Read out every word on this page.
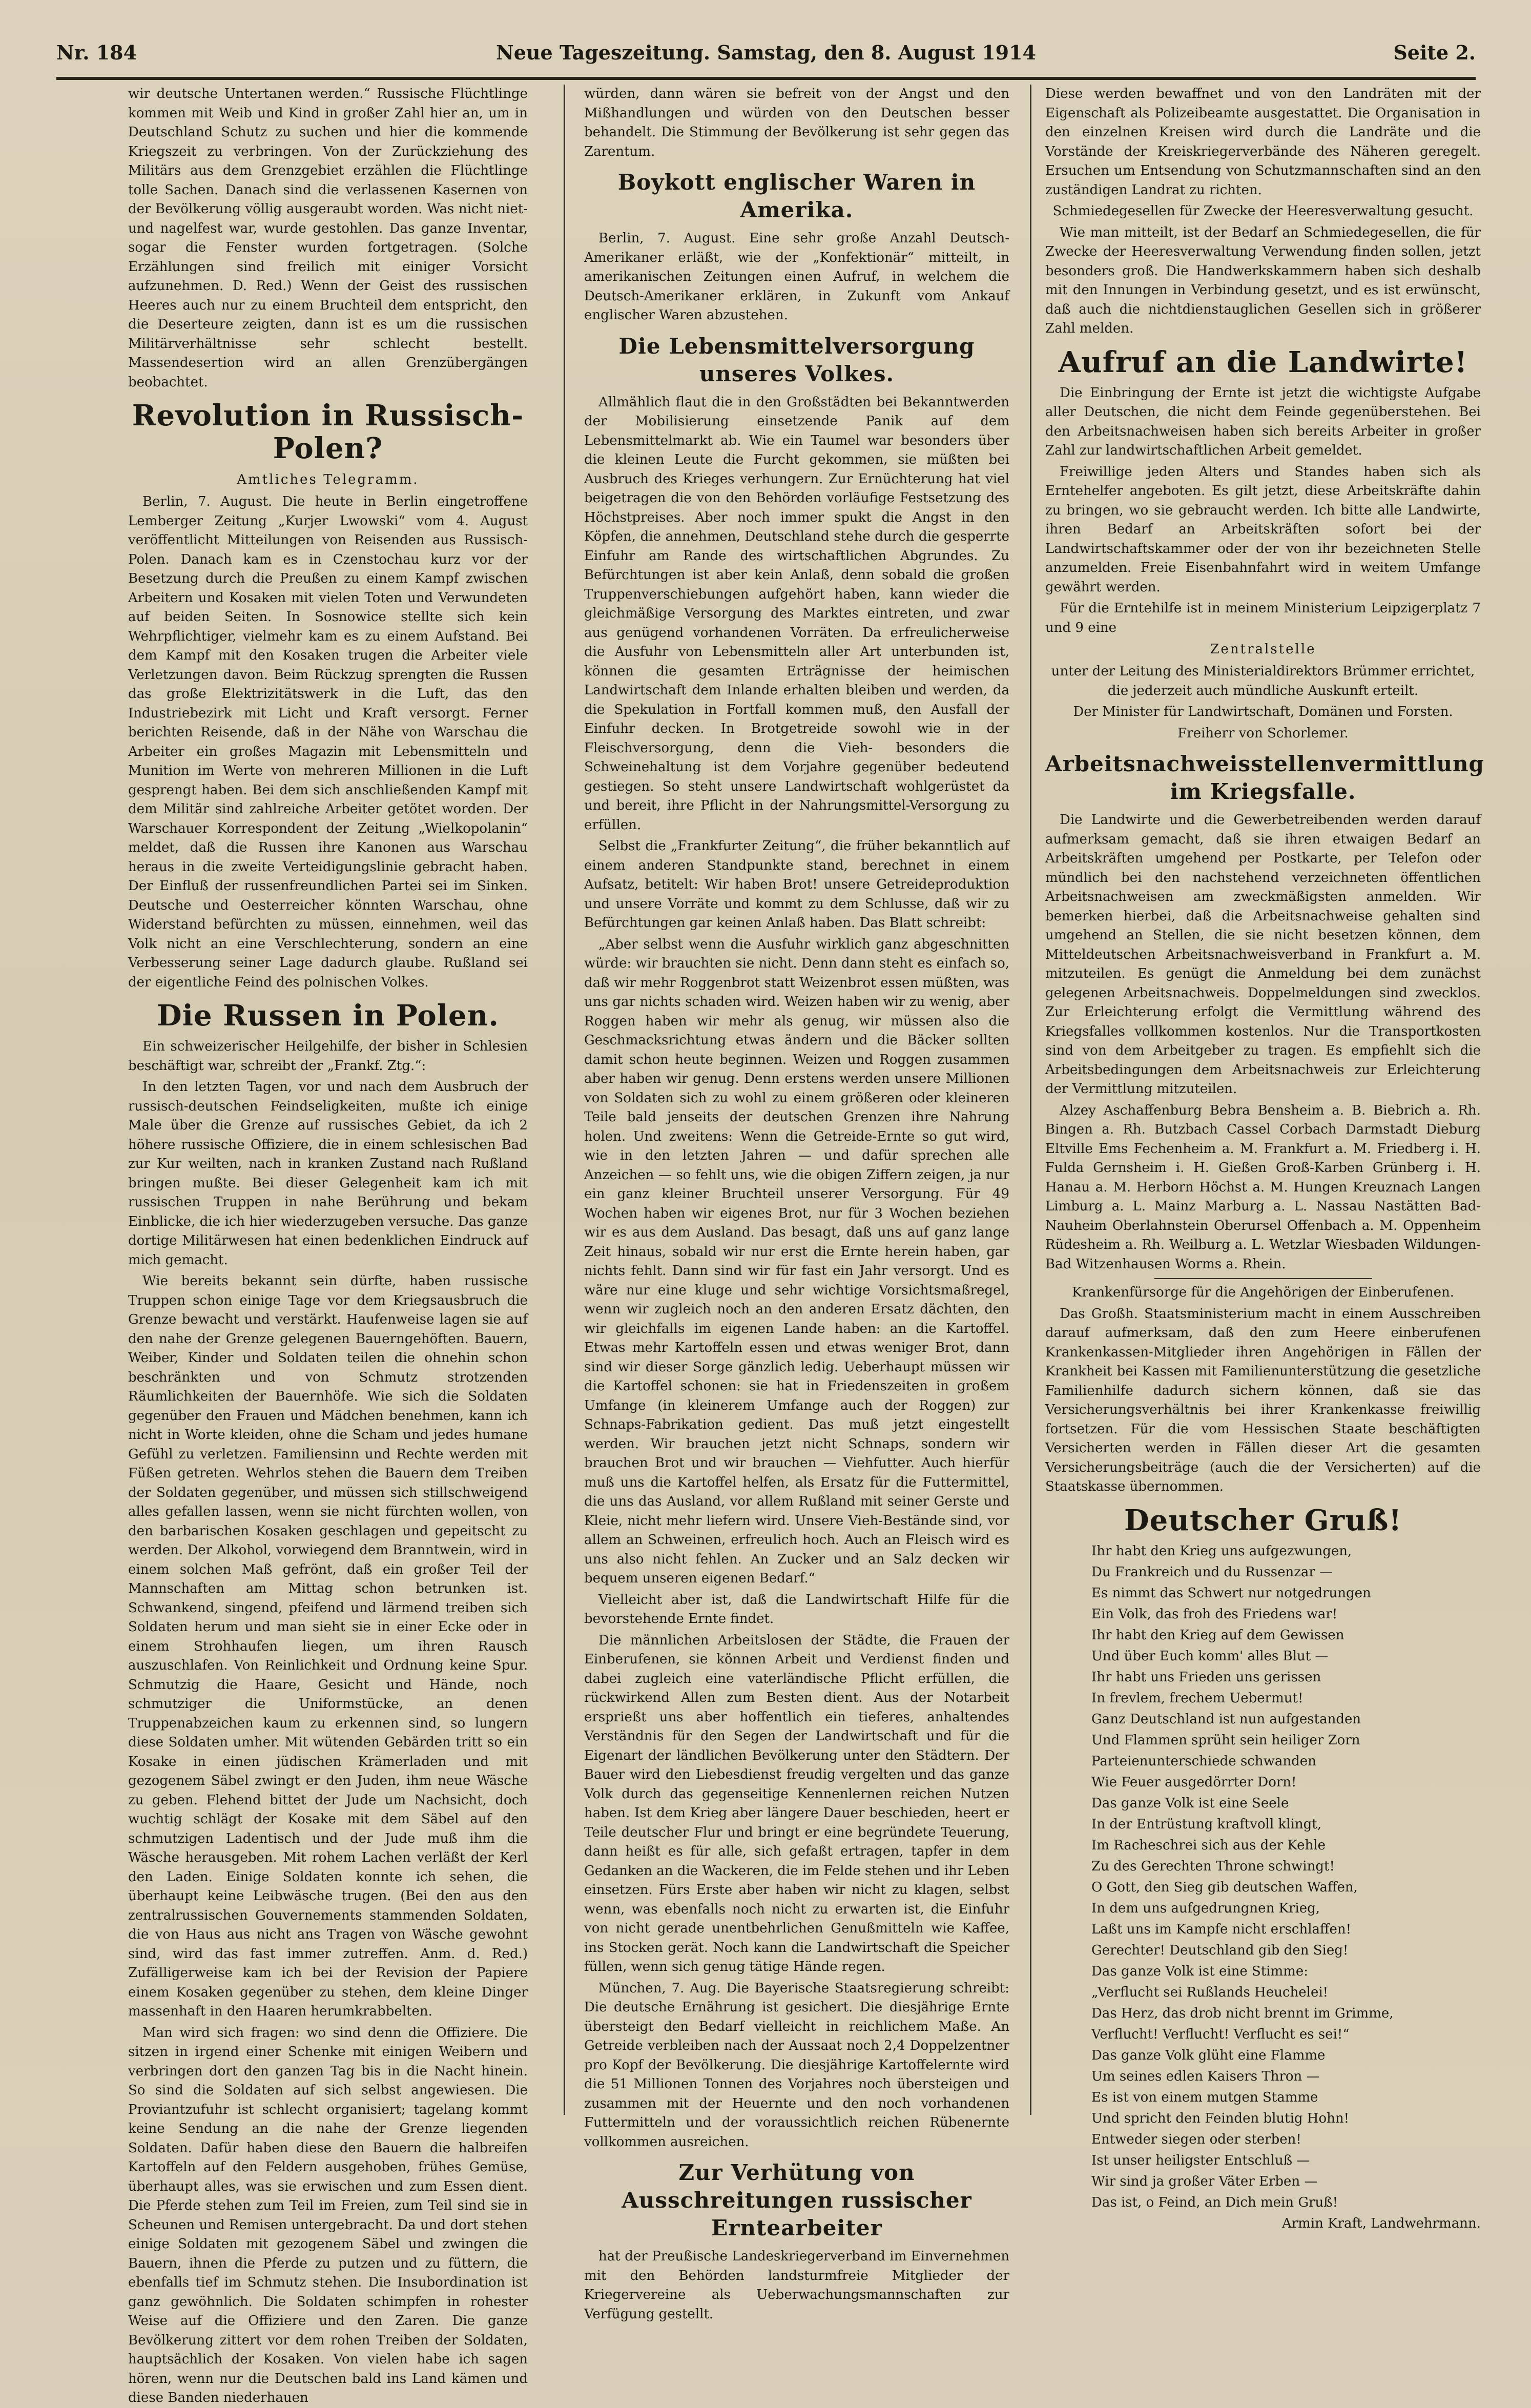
Nr. 184	Neue Tageszeitung. Samstag, den 8. August 1914	Seite 2.

wir deutsche Untertanen werden.“ Russische Flüchtlinge kommen mit Weib und Kind in großer Zahl hier an, um in Deutschland Schutz zu suchen und hier die kommende Kriegszeit zu verbringen. Von der Zurückziehung des Militärs aus dem Grenzgebiet erzählen die Flüchtlinge tolle Sachen. Danach sind die verlassenen Kasernen von der Bevölkerung völlig ausgeraubt worden. Was nicht niet- und nagelfest war, wurde gestohlen. Das ganze Inventar, sogar die Fenster wurden fortgetragen. (Solche Erzählungen sind freilich mit einiger Vorsicht aufzunehmen. D. Red.) Wenn der Geist des russischen Heeres auch nur zu einem Bruchteil dem entspricht, den die Deserteure zeigten, dann ist es um die russischen Militärverhältnisse sehr schlecht bestellt. Massendesertion wird an allen Grenzübergängen beobachtet.

Revolution in Russisch-Polen?
Amtliches Telegramm.

Berlin, 7. August. Die heute in Berlin eingetroffene Lemberger Zeitung „Kurjer Lwowski“ vom 4. August veröffentlicht Mitteilungen von Reisenden aus Russisch-Polen. Danach kam es in Czenstochau kurz vor der Besetzung durch die Preußen zu einem Kampf zwischen Arbeitern und Kosaken mit vielen Toten und Verwundeten auf beiden Seiten. In Sosnowice stellte sich kein Wehrpflichtiger, vielmehr kam es zu einem Aufstand. Bei dem Kampf mit den Kosaken trugen die Arbeiter viele Verletzungen davon. Beim Rückzug sprengten die Russen das große Elektrizitätswerk in die Luft, das den Industriebezirk mit Licht und Kraft versorgt. Ferner berichten Reisende, daß in der Nähe von Warschau die Arbeiter ein großes Magazin mit Lebensmitteln und Munition im Werte von mehreren Millionen in die Luft gesprengt haben. Bei dem sich anschließenden Kampf mit dem Militär sind zahlreiche Arbeiter getötet worden. Der Warschauer Korrespondent der Zeitung „Wielkopolanin“ meldet, daß die Russen ihre Kanonen aus Warschau heraus in die zweite Verteidigungslinie gebracht haben. Der Einfluß der russenfreundlichen Partei sei im Sinken. Deutsche und Oesterreicher könnten Warschau, ohne Widerstand befürchten zu müssen, einnehmen, weil das Volk nicht an eine Verschlechterung, sondern an eine Verbesserung seiner Lage dadurch glaube. Rußland sei der eigentliche Feind des polnischen Volkes.

Die Russen in Polen.

Ein schweizerischer Heilgehilfe, der bisher in Schlesien beschäftigt war, schreibt der „Frankf. Ztg.“:

In den letzten Tagen, vor und nach dem Ausbruch der russisch-deutschen Feindseligkeiten, mußte ich einige Male über die Grenze auf russisches Gebiet, da ich 2 höhere russische Offiziere, die in einem schlesischen Bad zur Kur weilten, nach in kranken Zustand nach Rußland bringen mußte. Bei dieser Gelegenheit kam ich mit russischen Truppen in nahe Berührung und bekam Einblicke, die ich hier wiederzugeben versuche. Das ganze dortige Militärwesen hat einen bedenklichen Eindruck auf mich gemacht.

Wie bereits bekannt sein dürfte, haben russische Truppen schon einige Tage vor dem Kriegsausbruch die Grenze bewacht und verstärkt. Haufenweise lagen sie auf den nahe der Grenze gelegenen Bauerngehöften. Bauern, Weiber, Kinder und Soldaten teilen die ohnehin schon beschränkten und von Schmutz strotzenden Räumlichkeiten der Bauernhöfe. Wie sich die Soldaten gegenüber den Frauen und Mädchen benehmen, kann ich nicht in Worte kleiden, ohne die Scham und jedes humane Gefühl zu verletzen. Familiensinn und Rechte werden mit Füßen getreten. Wehrlos stehen die Bauern dem Treiben der Soldaten gegenüber, und müssen sich stillschweigend alles gefallen lassen, wenn sie nicht fürchten wollen, von den barbarischen Kosaken geschlagen und gepeitscht zu werden. Der Alkohol, vorwiegend dem Branntwein, wird in einem solchen Maß gefrönt, daß ein großer Teil der Mannschaften am Mittag schon betrunken ist. Schwankend, singend, pfeifend und lärmend treiben sich Soldaten herum und man sieht sie in einer Ecke oder in einem Strohhaufen liegen, um ihren Rausch auszuschlafen. Von Reinlichkeit und Ordnung keine Spur. Schmutzig die Haare, Gesicht und Hände, noch schmutziger die Uniformstücke, an denen Truppenabzeichen kaum zu erkennen sind, so lungern diese Soldaten umher. Mit wütenden Gebärden tritt so ein Kosake in einen jüdischen Krämerladen und mit gezogenem Säbel zwingt er den Juden, ihm neue Wäsche zu geben. Flehend bittet der Jude um Nachsicht, doch wuchtig schlägt der Kosake mit dem Säbel auf den schmutzigen Ladentisch und der Jude muß ihm die Wäsche herausgeben. Mit rohem Lachen verläßt der Kerl den Laden. Einige Soldaten konnte ich sehen, die überhaupt keine Leibwäsche trugen. (Bei den aus den zentralrussischen Gouvernements stammenden Soldaten, die von Haus aus nicht ans Tragen von Wäsche gewohnt sind, wird das fast immer zutreffen. Anm. d. Red.) Zufälligerweise kam ich bei der Revision der Papiere einem Kosaken gegenüber zu stehen, dem kleine Dinger massenhaft in den Haaren herumkrabbelten.

Man wird sich fragen: wo sind denn die Offiziere. Die sitzen in irgend einer Schenke mit einigen Weibern und verbringen dort den ganzen Tag bis in die Nacht hinein. So sind die Soldaten auf sich selbst angewiesen. Die Proviantzufuhr ist schlecht organisiert; tagelang kommt keine Sendung an die nahe der Grenze liegenden Soldaten. Dafür haben diese den Bauern die halbreifen Kartoffeln auf den Feldern ausgehoben, frühes Gemüse, überhaupt alles, was sie erwischen und zum Essen dient. Die Pferde stehen zum Teil im Freien, zum Teil sind sie in Scheunen und Remisen untergebracht. Da und dort stehen einige Soldaten mit gezogenem Säbel und zwingen die Bauern, ihnen die Pferde zu putzen und zu füttern, die ebenfalls tief im Schmutz stehen. Die Insubordination ist ganz gewöhnlich. Die Soldaten schimpfen in rohester Weise auf die Offiziere und den Zaren. Die ganze Bevölkerung zittert vor dem rohen Treiben der Soldaten, hauptsächlich der Kosaken. Von vielen habe ich sagen hören, wenn nur die Deutschen bald ins Land kämen und diese Banden niederhauen

würden, dann wären sie befreit von der Angst und den Mißhandlungen und würden von den Deutschen besser behandelt. Die Stimmung der Bevölkerung ist sehr gegen das Zarentum.

Boykott englischer Waren in Amerika.

Berlin, 7. August. Eine sehr große Anzahl Deutsch-Amerikaner erläßt, wie der „Konfektionär“ mitteilt, in amerikanischen Zeitungen einen Aufruf, in welchem die Deutsch-Amerikaner erklären, in Zukunft vom Ankauf englischer Waren abzustehen.

Die Lebensmittelversorgung unseres Volkes.

Allmählich flaut die in den Großstädten bei Bekanntwerden der Mobilisierung einsetzende Panik auf dem Lebensmittelmarkt ab. Wie ein Taumel war besonders über die kleinen Leute die Furcht gekommen, sie müßten bei Ausbruch des Krieges verhungern. Zur Ernüchterung hat viel beigetragen die von den Behörden vorläufige Festsetzung des Höchstpreises. Aber noch immer spukt die Angst in den Köpfen, die annehmen, Deutschland stehe durch die gesperrte Einfuhr am Rande des wirtschaftlichen Abgrundes. Zu Befürchtungen ist aber kein Anlaß, denn sobald die großen Truppenverschiebungen aufgehört haben, kann wieder die gleichmäßige Versorgung des Marktes eintreten, und zwar aus genügend vorhandenen Vorräten. Da erfreulicherweise die Ausfuhr von Lebensmitteln aller Art unterbunden ist, können die gesamten Erträgnisse der heimischen Landwirtschaft dem Inlande erhalten bleiben und werden, da die Spekulation in Fortfall kommen muß, den Ausfall der Einfuhr decken. In Brotgetreide sowohl wie in der Fleischversorgung, denn die Vieh- besonders die Schweinehaltung ist dem Vorjahre gegenüber bedeutend gestiegen. So steht unsere Landwirtschaft wohlgerüstet da und bereit, ihre Pflicht in der Nahrungsmittel-Versorgung zu erfüllen.

Selbst die „Frankfurter Zeitung“, die früher bekanntlich auf einem anderen Standpunkte stand, berechnet in einem Aufsatz, betitelt: Wir haben Brot! unsere Getreideproduktion und unsere Vorräte und kommt zu dem Schlusse, daß wir zu Befürchtungen gar keinen Anlaß haben. Das Blatt schreibt:

„Aber selbst wenn die Ausfuhr wirklich ganz abgeschnitten würde: wir brauchten sie nicht. Denn dann steht es einfach so, daß wir mehr Roggenbrot statt Weizenbrot essen müßten, was uns gar nichts schaden wird. Weizen haben wir zu wenig, aber Roggen haben wir mehr als genug, wir müssen also die Geschmacksrichtung etwas ändern und die Bäcker sollten damit schon heute beginnen. Weizen und Roggen zusammen aber haben wir genug. Denn erstens werden unsere Millionen von Soldaten sich zu wohl zu einem größeren oder kleineren Teile bald jenseits der deutschen Grenzen ihre Nahrung holen. Und zweitens: Wenn die Getreide-Ernte so gut wird, wie in den letzten Jahren — und dafür sprechen alle Anzeichen — so fehlt uns, wie die obigen Ziffern zeigen, ja nur ein ganz kleiner Bruchteil unserer Versorgung. Für 49 Wochen haben wir eigenes Brot, nur für 3 Wochen beziehen wir es aus dem Ausland. Das besagt, daß uns auf ganz lange Zeit hinaus, sobald wir nur erst die Ernte herein haben, gar nichts fehlt. Dann sind wir für fast ein Jahr versorgt. Und es wäre nur eine kluge und sehr wichtige Vorsichtsmaßregel, wenn wir zugleich noch an den anderen Ersatz dächten, den wir gleichfalls im eigenen Lande haben: an die Kartoffel. Etwas mehr Kartoffeln essen und etwas weniger Brot, dann sind wir dieser Sorge gänzlich ledig. Ueberhaupt müssen wir die Kartoffel schonen: sie hat in Friedenszeiten in großem Umfange (in kleinerem Umfange auch der Roggen) zur Schnaps-Fabrikation gedient. Das muß jetzt eingestellt werden. Wir brauchen jetzt nicht Schnaps, sondern wir brauchen Brot und wir brauchen — Viehfutter. Auch hierfür muß uns die Kartoffel helfen, als Ersatz für die Futtermittel, die uns das Ausland, vor allem Rußland mit seiner Gerste und Kleie, nicht mehr liefern wird. Unsere Vieh-Bestände sind, vor allem an Schweinen, erfreulich hoch. Auch an Fleisch wird es uns also nicht fehlen. An Zucker und an Salz decken wir bequem unseren eigenen Bedarf.“

Vielleicht aber ist, daß die Landwirtschaft Hilfe für die bevorstehende Ernte findet.

Die männlichen Arbeitslosen der Städte, die Frauen der Einberufenen, sie können Arbeit und Verdienst finden und dabei zugleich eine vaterländische Pflicht erfüllen, die rückwirkend Allen zum Besten dient. Aus der Notarbeit ersprießt uns aber hoffentlich ein tieferes, anhaltendes Verständnis für den Segen der Landwirtschaft und für die Eigenart der ländlichen Bevölkerung unter den Städtern. Der Bauer wird den Liebesdienst freudig vergelten und das ganze Volk durch das gegenseitige Kennenlernen reichen Nutzen haben. Ist dem Krieg aber längere Dauer beschieden, heert er Teile deutscher Flur und bringt er eine begründete Teuerung, dann heißt es für alle, sich gefaßt ertragen, tapfer in dem Gedanken an die Wackeren, die im Felde stehen und ihr Leben einsetzen. Fürs Erste aber haben wir nicht zu klagen, selbst wenn, was ebenfalls noch nicht zu erwarten ist, die Einfuhr von nicht gerade unentbehrlichen Genußmitteln wie Kaffee, ins Stocken gerät. Noch kann die Landwirtschaft die Speicher füllen, wenn sich genug tätige Hände regen.

München, 7. Aug. Die Bayerische Staatsregierung schreibt: Die deutsche Ernährung ist gesichert. Die diesjährige Ernte übersteigt den Bedarf vielleicht in reichlichem Maße. An Getreide verbleiben nach der Aussaat noch 2,4 Doppelzentner pro Kopf der Bevölkerung. Die diesjährige Kartoffelernte wird die 51 Millionen Tonnen des Vorjahres noch übersteigen und zusammen mit der Heuernte und den noch vorhandenen Futtermitteln und der voraussichtlich reichen Rübenernte vollkommen ausreichen.

Zur Verhütung von Ausschreitungen russischer Erntearbeiter

hat der Preußische Landeskriegerverband im Einvernehmen mit den Behörden landsturmfreie Mitglieder der Kriegervereine als Ueberwachungsmannschaften zur Verfügung gestellt.

Diese werden bewaffnet und von den Landräten mit der Eigenschaft als Polizeibeamte ausgestattet. Die Organisation in den einzelnen Kreisen wird durch die Landräte und die Vorstände der Kreiskriegerverbände des Näheren geregelt. Ersuchen um Entsendung von Schutzmannschaften sind an den zuständigen Landrat zu richten.

Schmiedegesellen für Zwecke der Heeresverwaltung gesucht.

Wie man mitteilt, ist der Bedarf an Schmiedegesellen, die für Zwecke der Heeresverwaltung Verwendung finden sollen, jetzt besonders groß. Die Handwerkskammern haben sich deshalb mit den Innungen in Verbindung gesetzt, und es ist erwünscht, daß auch die nichtdienstauglichen Gesellen sich in größerer Zahl melden.

Aufruf an die Landwirte!

Die Einbringung der Ernte ist jetzt die wichtigste Aufgabe aller Deutschen, die nicht dem Feinde gegenüberstehen. Bei den Arbeitsnachweisen haben sich bereits Arbeiter in großer Zahl zur landwirtschaftlichen Arbeit gemeldet.

Freiwillige jeden Alters und Standes haben sich als Erntehelfer angeboten. Es gilt jetzt, diese Arbeitskräfte dahin zu bringen, wo sie gebraucht werden. Ich bitte alle Landwirte, ihren Bedarf an Arbeitskräften sofort bei der Landwirtschaftskammer oder der von ihr bezeichneten Stelle anzumelden. Freie Eisenbahnfahrt wird in weitem Umfange gewährt werden.

Für die Erntehilfe ist in meinem Ministerium Leipzigerplatz 7 und 9 eine

Zentralstelle

unter der Leitung des Ministerialdirektors Brümmer errichtet, die jederzeit auch mündliche Auskunft erteilt.

Der Minister für Landwirtschaft, Domänen und Forsten.

Freiherr von Schorlemer.

Arbeitsnachweisstellenvermittlung im Kriegsfalle.

Die Landwirte und die Gewerbetreibenden werden darauf aufmerksam gemacht, daß sie ihren etwaigen Bedarf an Arbeitskräften umgehend per Postkarte, per Telefon oder mündlich bei den nachstehend verzeichneten öffentlichen Arbeitsnachweisen am zweckmäßigsten anmelden. Wir bemerken hierbei, daß die Arbeitsnachweise gehalten sind umgehend an Stellen, die sie nicht besetzen können, dem Mitteldeutschen Arbeitsnachweisverband in Frankfurt a. M. mitzuteilen. Es genügt die Anmeldung bei dem zunächst gelegenen Arbeitsnachweis. Doppelmeldungen sind zwecklos. Zur Erleichterung erfolgt die Vermittlung während des Kriegsfalles vollkommen kostenlos. Nur die Transportkosten sind von dem Arbeitgeber zu tragen. Es empfiehlt sich die Arbeitsbedingungen dem Arbeitsnachweis zur Erleichterung der Vermittlung mitzuteilen.

Alzey Aschaffenburg Bebra Bensheim a. B. Biebrich a. Rh. Bingen a. Rh. Butzbach Cassel Corbach Darmstadt Dieburg Eltville Ems Fechenheim a. M. Frankfurt a. M. Friedberg i. H. Fulda Gernsheim i. H. Gießen Groß-Karben Grünberg i. H. Hanau a. M. Herborn Höchst a. M. Hungen Kreuznach Langen Limburg a. L. Mainz Marburg a. L. Nassau Nastätten Bad-Nauheim Oberlahnstein Oberursel Offenbach a. M. Oppenheim Rüdesheim a. Rh. Weilburg a. L. Wetzlar Wiesbaden Wildungen-Bad Witzenhausen Worms a. Rhein.

Krankenfürsorge für die Angehörigen der Einberufenen.

Das Großh. Staatsministerium macht in einem Ausschreiben darauf aufmerksam, daß den zum Heere einberufenen Krankenkassen-Mitglieder ihren Angehörigen in Fällen der Krankheit bei Kassen mit Familienunterstützung die gesetzliche Familienhilfe dadurch sichern können, daß sie das Versicherungsverhältnis bei ihrer Krankenkasse freiwillig fortsetzen. Für die vom Hessischen Staate beschäftigten Versicherten werden in Fällen dieser Art die gesamten Versicherungsbeiträge (auch die der Versicherten) auf die Staatskasse übernommen.

Deutscher Gruß!

Ihr habt den Krieg uns aufgezwungen,

Du Frankreich und du Russenzar —

Es nimmt das Schwert nur notgedrungen

Ein Volk, das froh des Friedens war!

Ihr habt den Krieg auf dem Gewissen

Und über Euch komm' alles Blut —

Ihr habt uns Frieden uns gerissen

In frevlem, frechem Uebermut!

Ganz Deutschland ist nun aufgestanden

Und Flammen sprüht sein heiliger Zorn

Parteienunterschiede schwanden

Wie Feuer ausgedörrter Dorn!

Das ganze Volk ist eine Seele

In der Entrüstung kraftvoll klingt,

Im Racheschrei sich aus der Kehle

Zu des Gerechten Throne schwingt!

O Gott, den Sieg gib deutschen Waffen,

In dem uns aufgedrungnen Krieg,

Laßt uns im Kampfe nicht erschlaffen!

Gerechter! Deutschland gib den Sieg!

Das ganze Volk ist eine Stimme:

„Verflucht sei Rußlands Heuchelei!

Das Herz, das drob nicht brennt im Grimme,

Verflucht! Verflucht! Verflucht es sei!“

Das ganze Volk glüht eine Flamme

Um seines edlen Kaisers Thron —

Es ist von einem mutgen Stamme

Und spricht den Feinden blutig Hohn!

Entweder siegen oder sterben!

Ist unser heiligster Entschluß —

Wir sind ja großer Väter Erben —

Das ist, o Feind, an Dich mein Gruß!

Armin Kraft, Landwehrmann.
